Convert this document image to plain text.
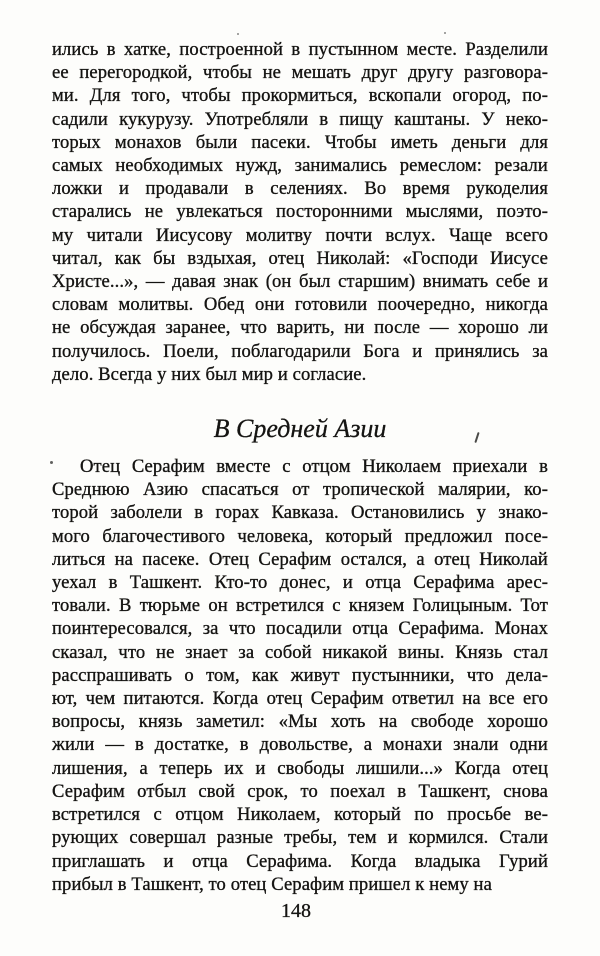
ились в хатке, построенной в пустынном месте. Разделили
ее перегородкой, чтобы не мешать друг другу разговора-
ми. Для того, чтобы прокормиться, вскопали огород, по-
садили кукурузу. Употребляли в пищу каштаны. У неко-
торых монахов были пасеки. Чтобы иметь деньги для
самых необходимых нужд, занимались ремеслом: резали
ложки и продавали в селениях. Во время рукоделия
старались не увлекаться посторонними мыслями, поэто-
му читали Иисусову молитву почти вслух. Чаще всего
читал, как бы вздыхая, отец Николай: «Господи Иисусе
Христе...», — давая знак (он был старшим) внимать себе и
словам молитвы. Обед они готовили поочередно, никогда
не обсуждая заранее, что варить, ни после — хорошо ли
получилось. Поели, поблагодарили Бога и принялись за
дело. Всегда у них был мир и согласие.
В Средней Азии
Отец Серафим вместе с отцом Николаем приехали в
Среднюю Азию спасаться от тропической малярии, ко-
торой заболели в горах Кавказа. Остановились у знако-
мого благочестивого человека, который предложил посе-
литься на пасеке. Отец Серафим остался, а отец Николай
уехал в Ташкент. Кто-то донес, и отца Серафима арес-
товали. В тюрьме он встретился с князем Голицыным. Тот
поинтересовался, за что посадили отца Серафима. Монах
сказал, что не знает за собой никакой вины. Князь стал
расспрашивать о том, как живут пустынники, что дела-
ют, чем питаются. Когда отец Серафим ответил на все его
вопросы, князь заметил: «Мы хоть на свободе хорошо
жили — в достатке, в довольстве, а монахи знали одни
лишения, а теперь их и свободы лишили...» Когда отец
Серафим отбыл свой срок, то поехал в Ташкент, снова
встретился с отцом Николаем, который по просьбе ве-
рующих совершал разные требы, тем и кормился. Стали
приглашать и отца Серафима. Когда владыка Гурий
прибыл в Ташкент, то отец Серафим пришел к нему на
148
